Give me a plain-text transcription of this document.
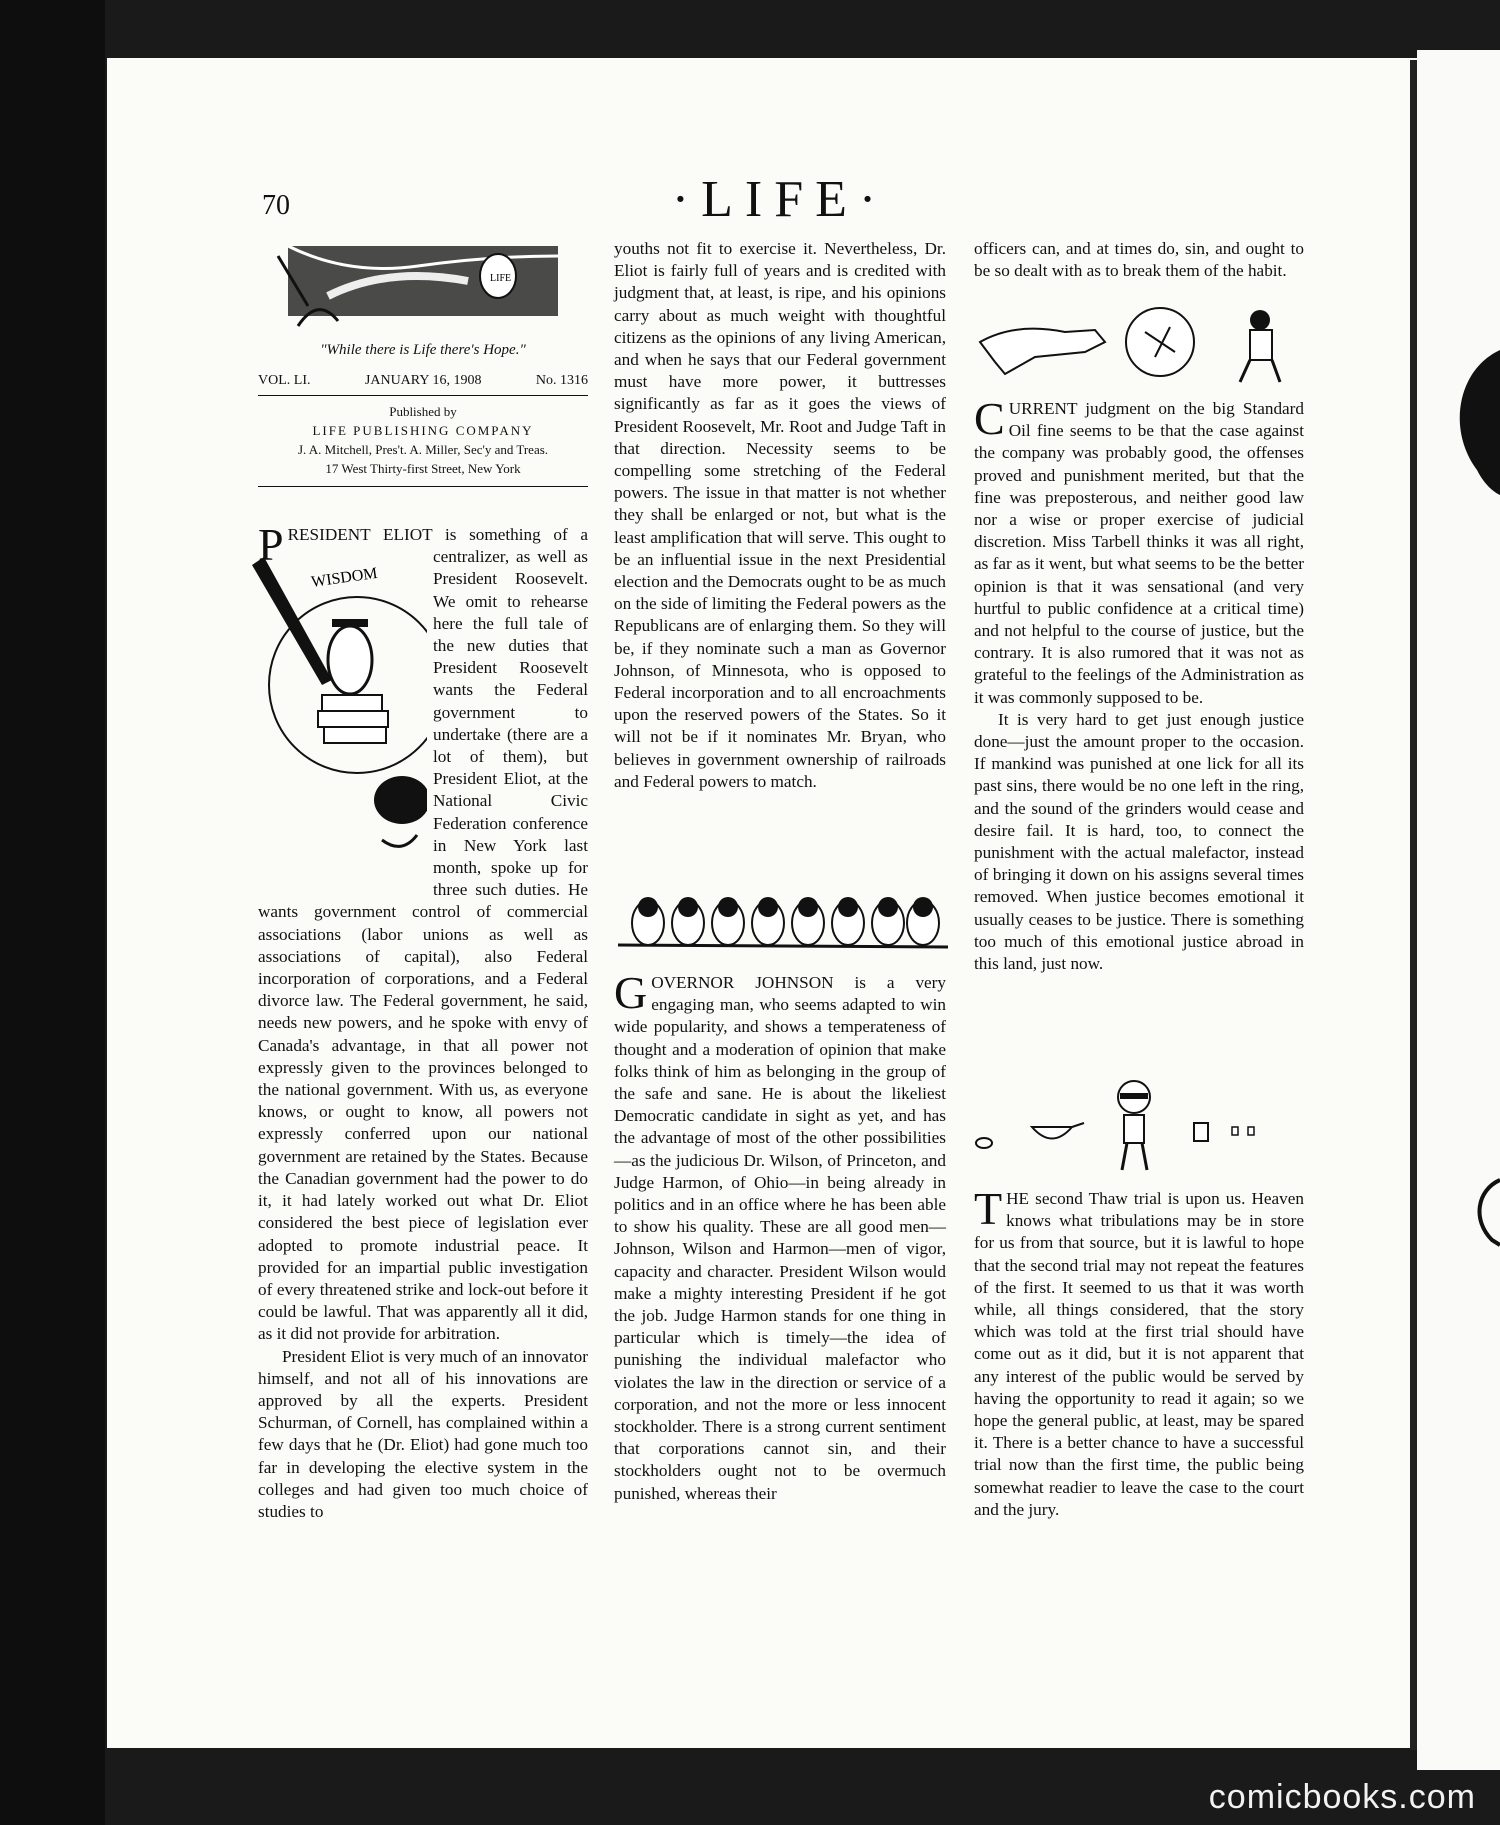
70	·LIFE·
LIFE
"While there is Life there's Hope."
VOL. LI.	JANUARY 16, 1908	No. 1316
Published by
LIFE PUBLISHING COMPANY
J. A. Mitchell, Pres't. A. Miller, Sec'y and Treas.
17 West Thirty-first Street, New York
WISDOM

PRESIDENT ELIOT is something of a centralizer, as well as President Roosevelt. We omit to rehearse here the full tale of the new duties that President Roosevelt wants the Federal government to undertake (there are a lot of them), but President Eliot, at the National Civic Federation conference in New York last month, spoke up for three such duties. He wants government control of commercial associations (labor unions as well as associations of capital), also Federal incorporation of corporations, and a Federal divorce law. The Federal government, he said, needs new powers, and he spoke with envy of Canada's advantage, in that all power not expressly given to the provinces belonged to the national government. With us, as everyone knows, or ought to know, all powers not expressly conferred upon our national government are retained by the States. Because the Canadian government had the power to do it, it had lately worked out what Dr. Eliot considered the best piece of legislation ever adopted to promote industrial peace. It provided for an impartial public investigation of every threatened strike and lock-out before it could be lawful. That was apparently all it did, as it did not provide for arbitration.

President Eliot is very much of an innovator himself, and not all of his innovations are approved by all the experts. President Schurman, of Cornell, has complained within a few days that he (Dr. Eliot) had gone much too far in developing the elective system in the colleges and had given too much choice of studies to

youths not fit to exercise it. Nevertheless, Dr. Eliot is fairly full of years and is credited with judgment that, at least, is ripe, and his opinions carry about as much weight with thoughtful citizens as the opinions of any living American, and when he says that our Federal government must have more power, it buttresses significantly as far as it goes the views of President Roosevelt, Mr. Root and Judge Taft in that direction. Necessity seems to be compelling some stretching of the Federal powers. The issue in that matter is not whether they shall be enlarged or not, but what is the least amplification that will serve. This ought to be an influential issue in the next Presidential election and the Democrats ought to be as much on the side of limiting the Federal powers as the Republicans are of enlarging them. So they will be, if they nominate such a man as Governor Johnson, of Minnesota, who is opposed to Federal incorporation and to all encroachments upon the reserved powers of the States. So it will not be if it nominates Mr. Bryan, who believes in government ownership of railroads and Federal powers to match.

GOVERNOR JOHNSON is a very engaging man, who seems adapted to win wide popularity, and shows a temperateness of thought and a moderation of opinion that make folks think of him as belonging in the group of the safe and sane. He is about the likeliest Democratic candidate in sight as yet, and has the advantage of most of the other possibilities—as the judicious Dr. Wilson, of Princeton, and Judge Harmon, of Ohio—in being already in politics and in an office where he has been able to show his quality. These are all good men—Johnson, Wilson and Harmon—men of vigor, capacity and character. President Wilson would make a mighty interesting President if he got the job. Judge Harmon stands for one thing in particular which is timely—the idea of punishing the individual malefactor who violates the law in the direction or service of a corporation, and not the more or less innocent stockholder. There is a strong current sentiment that corporations cannot sin, and their stockholders ought not to be overmuch punished, whereas their

officers can, and at times do, sin, and ought to be so dealt with as to break them of the habit.

CURRENT judgment on the big Standard Oil fine seems to be that the case against the company was probably good, the offenses proved and punishment merited, but that the fine was preposterous, and neither good law nor a wise or proper exercise of judicial discretion. Miss Tarbell thinks it was all right, as far as it went, but what seems to be the better opinion is that it was sensational (and very hurtful to public confidence at a critical time) and not helpful to the course of justice, but the contrary. It is also rumored that it was not as grateful to the feelings of the Administration as it was commonly supposed to be.

It is very hard to get just enough justice done—just the amount proper to the occasion. If mankind was punished at one lick for all its past sins, there would be no one left in the ring, and the sound of the grinders would cease and desire fail. It is hard, too, to connect the punishment with the actual malefactor, instead of bringing it down on his assigns several times removed. When justice becomes emotional it usually ceases to be justice. There is something too much of this emotional justice abroad in this land, just now.

THE second Thaw trial is upon us. Heaven knows what tribulations may be in store for us from that source, but it is lawful to hope that the second trial may not repeat the features of the first. It seemed to us that it was worth while, all things considered, that the story which was told at the first trial should have come out as it did, but it is not apparent that any interest of the public would be served by having the opportunity to read it again; so we hope the general public, at least, may be spared it. There is a better chance to have a successful trial now than the first time, the public being somewhat readier to leave the case to the court and the jury.

comicbooks.com
